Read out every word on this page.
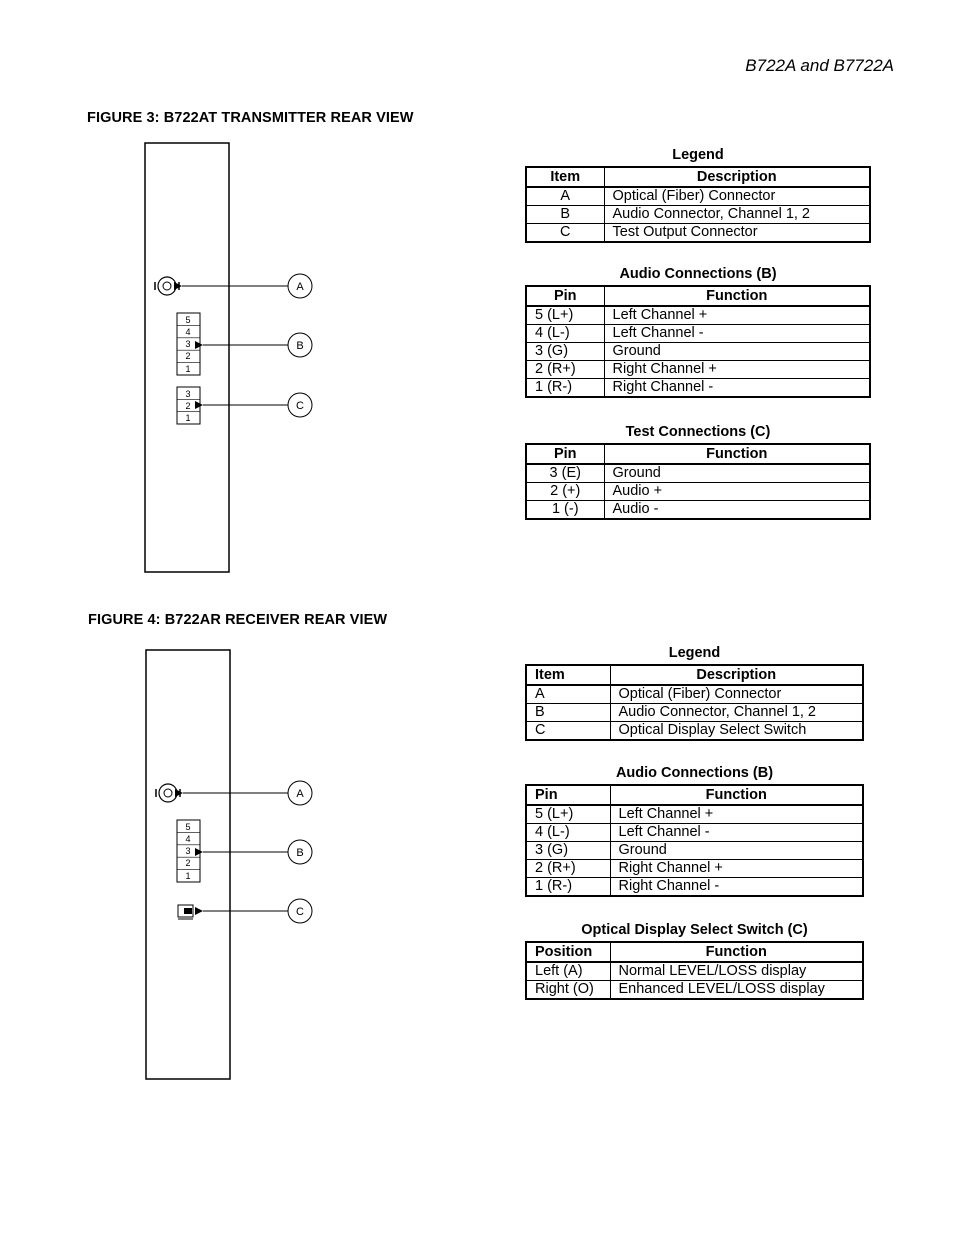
B722A and B7722A
FIGURE 3: B722AT TRANSMITTER REAR VIEW
5
4
3
2
1
3
2
1
A
B
C
5
4
3
2
1
A
B
C
Legend
Item	Description
A	Optical (Fiber) Connector
B	Audio Connector, Channel 1, 2
C	Test Output Connector
Audio Connections (B)
Pin	Function
5 (L+)	Left Channel +
4 (L-)	Left Channel -
3 (G)	Ground
2 (R+)	Right Channel +
1 (R-)	Right Channel -
Test Connections (C)
Pin	Function
3 (E)	Ground
2 (+)	Audio +
1 (-)	Audio -
FIGURE 4: B722AR RECEIVER REAR VIEW
Legend
Item	Description
A	Optical (Fiber) Connector
B	Audio Connector, Channel 1, 2
C	Optical Display Select Switch
Audio Connections (B)
Pin	Function
5 (L+)	Left Channel +
4 (L-)	Left Channel -
3 (G)	Ground
2 (R+)	Right Channel +
1 (R-)	Right Channel -
Optical Display Select Switch (C)
Position	Function
Left (A)	Normal LEVEL/LOSS display
Right (O)	Enhanced LEVEL/LOSS display
